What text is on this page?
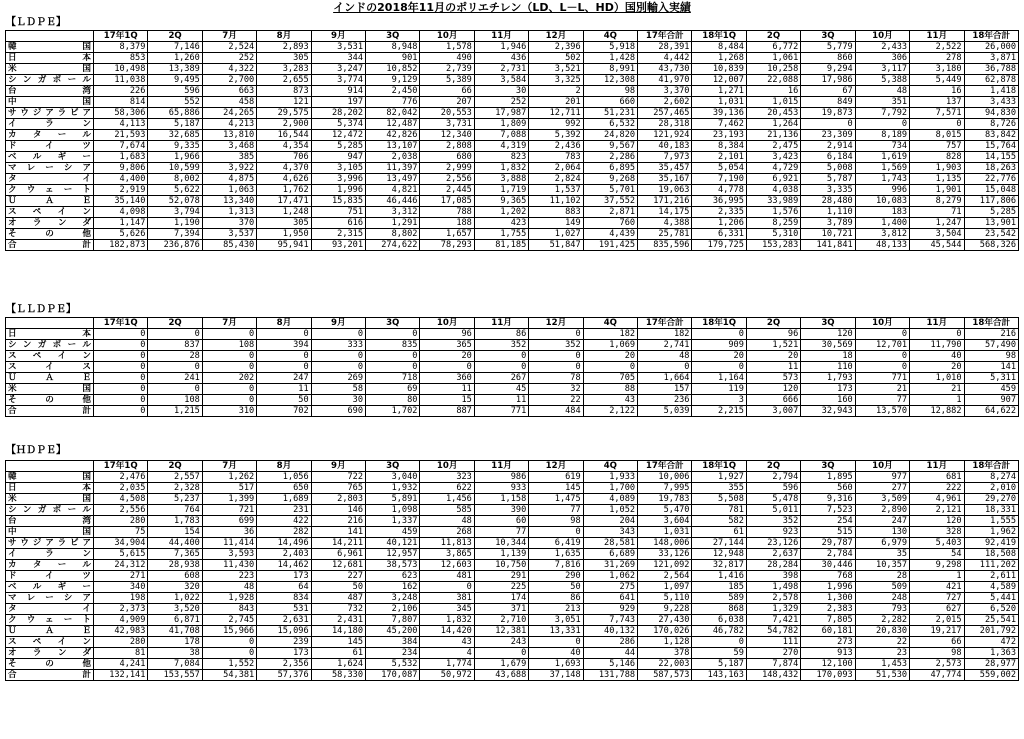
インドの2018年11月のポリエチレン（LD、L－L、HD）国別輸入実績
【ＬＤＰＥ】
	17年1Q	2Q	7月	8月	9月	3Q	10月	11月	12月	4Q	17年合計	18年1Q	2Q	3Q	10月	11月	18年合計
韓国	8,379	7,146	2,524	2,893	3,531	8,948	1,578	1,946	2,396	5,918	28,391	8,484	6,772	5,779	2,433	2,522	26,000
日本	853	1,260	252	305	344	901	490	436	502	1,428	4,442	1,268	1,061	860	306	278	3,871
米国	10,498	13,389	4,322	3,283	3,247	10,852	2,739	2,731	3,521	8,991	43,730	10,839	10,258	9,294	3,117	3,180	36,788
シンガポール	11,038	9,495	2,700	2,655	3,774	9,129	5,389	3,584	3,325	12,308	41,970	12,007	22,088	17,986	5,388	5,449	62,878
台湾	226	596	663	873	914	2,450	66	30	2	98	3,370	1,271	16	67	48	16	1,418
中国	814	552	458	121	197	776	207	252	201	660	2,602	1,031	1,015	849	351	137	3,433
サウジアラビア	58,306	65,886	24,265	29,575	28,202	82,042	20,553	17,987	12,711	51,231	257,465	39,136	20,453	19,873	7,792	7,571	94,830
イラン	4,113	5,187	4,213	2,900	5,374	12,487	3,731	1,809	992	6,532	28,318	7,462	1,264	0	0	0	8,726
カタール	21,593	32,685	13,810	16,544	12,472	42,826	12,340	7,088	5,392	24,820	121,924	23,193	21,136	23,309	8,189	8,015	83,842
ドイツ	7,674	9,335	3,468	4,354	5,285	13,107	2,808	4,319	2,436	9,567	40,183	8,384	2,475	2,914	734	757	15,764
ベルギー	1,683	1,966	385	706	947	2,038	680	823	783	2,286	7,973	2,101	3,423	6,184	1,619	828	14,155
マレーシア	9,806	10,599	3,922	4,370	3,105	11,397	2,999	1,832	2,064	6,895	35,457	5,054	4,729	5,008	1,569	1,903	18,263
タイ	4,400	8,002	4,875	4,626	3,996	13,497	2,556	3,888	2,824	9,268	35,167	7,190	6,921	5,787	1,743	1,135	22,776
クウェート	2,919	5,622	1,063	1,762	1,996	4,821	2,445	1,719	1,537	5,701	19,063	4,778	4,038	3,335	996	1,901	15,048
ＵＡＥ	35,140	52,078	13,340	17,471	15,835	46,446	17,085	9,365	11,102	37,552	171,216	36,995	33,989	28,480	10,083	8,279	117,806
スペイン	4,098	3,794	1,313	1,248	751	3,312	788	1,202	883	2,871	14,175	2,335	1,576	1,110	183	71	5,285
オランダ	1,147	1,190	370	305	616	1,291	188	423	149	760	4,388	1,206	8,259	3,789	1,400	1,247	13,901
その他	5,626	7,394	3,537	1,950	2,315	8,802	1,657	1,755	1,027	4,439	25,781	6,331	5,310	10,721	3,812	3,504	23,542
合計	182,873	236,876	85,430	95,941	93,201	274,622	78,293	81,185	51,847	191,425	835,596	179,725	153,283	141,841	48,133	45,544	568,326
【ＬＬＤＰＥ】
	17年1Q	2Q	7月	8月	9月	3Q	10月	11月	12月	4Q	17年合計	18年1Q	2Q	3Q	10月	11月	18年合計
日本	0	0	0	0	0	0	96	86	0	182	182	0	96	120	0	0	216
シンガポール	0	837	108	394	333	835	365	352	352	1,069	2,741	909	1,521	30,569	12,701	11,790	57,490
スペイン	0	28	0	0	0	0	20	0	0	20	48	20	20	18	0	40	98
スイス	0	0	0	0	0	0	0	0	0	0	0	0	11	110	0	20	141
ＵＡＥ	0	241	202	247	269	718	360	267	78	705	1,664	1,164	573	1,793	771	1,010	5,311
米国	0	0	0	11	58	69	11	45	32	88	157	119	120	173	21	21	459
その他	0	108	0	50	30	80	15	11	22	43	236	3	666	160	77	1	907
合計	0	1,215	310	702	690	1,702	887	771	484	2,122	5,039	2,215	3,007	32,943	13,570	12,882	64,622
【ＨＤＰＥ】
	17年1Q	2Q	7月	8月	9月	3Q	10月	11月	12月	4Q	17年合計	18年1Q	2Q	3Q	10月	11月	18年合計
韓国	2,476	2,557	1,262	1,056	722	3,040	323	986	619	1,933	10,006	1,927	2,794	1,895	977	681	8,274
日本	2,035	2,328	517	650	765	1,932	622	933	145	1,700	7,995	355	596	560	277	222	2,010
米国	4,508	5,237	1,399	1,689	2,803	5,891	1,456	1,158	1,475	4,089	19,783	5,508	5,478	9,316	3,509	4,961	29,270
シンガポール	2,556	764	721	231	146	1,098	585	390	77	1,052	5,470	781	5,011	7,523	2,890	2,121	18,331
台湾	280	1,783	699	422	216	1,337	48	60	98	204	3,604	582	352	254	247	120	1,555
中国	75	154	36	282	141	459	268	77	0	343	1,031	61	923	515	130	328	1,962
サウジアラビア	34,904	44,400	11,414	14,496	14,211	40,121	11,813	10,344	6,419	28,581	148,006	27,144	23,126	29,787	6,979	5,403	92,419
イラン	5,615	7,365	3,593	2,403	6,961	12,957	3,865	1,139	1,635	6,689	33,126	12,948	2,637	2,784	35	54	18,508
カタール	24,312	28,938	11,430	14,462	12,681	38,573	12,603	10,750	7,816	31,269	121,092	32,817	28,284	30,446	10,357	9,298	111,202
ドイツ	271	608	223	173	227	623	481	291	290	1,062	2,564	1,416	398	768	28	1	2,611
ベルギー	340	320	48	64	50	162	0	225	50	275	1,097	185	1,498	1,996	509	421	4,589
マレーシア	198	1,022	1,928	834	487	3,248	381	174	86	641	5,110	589	2,578	1,300	248	727	5,441
タイ	2,373	3,520	843	531	732	2,106	345	371	213	929	9,228	868	1,329	2,383	793	627	6,520
クウェート	4,909	6,871	2,745	2,631	2,431	7,807	1,832	2,710	3,051	7,743	27,430	6,038	7,421	7,805	2,282	2,015	25,541
ＵＡＥ	42,983	41,708	15,966	15,096	14,180	45,200	14,420	12,381	13,331	40,132	170,026	46,782	54,782	60,181	20,830	19,217	201,792
スペイン	280	178	0	239	145	384	43	243	0	286	1,128	0	111	273	22	66	472
オランダ	81	38	0	173	61	234	4	0	40	44	378	59	270	913	23	98	1,363
その他	4,241	7,084	1,552	2,356	1,624	5,532	1,774	1,679	1,693	5,146	22,003	5,187	7,874	12,100	1,453	2,573	28,977
合計	132,141	153,557	54,381	57,376	58,330	170,087	50,972	43,688	37,148	131,788	587,573	143,163	148,432	170,093	51,530	47,774	559,002
